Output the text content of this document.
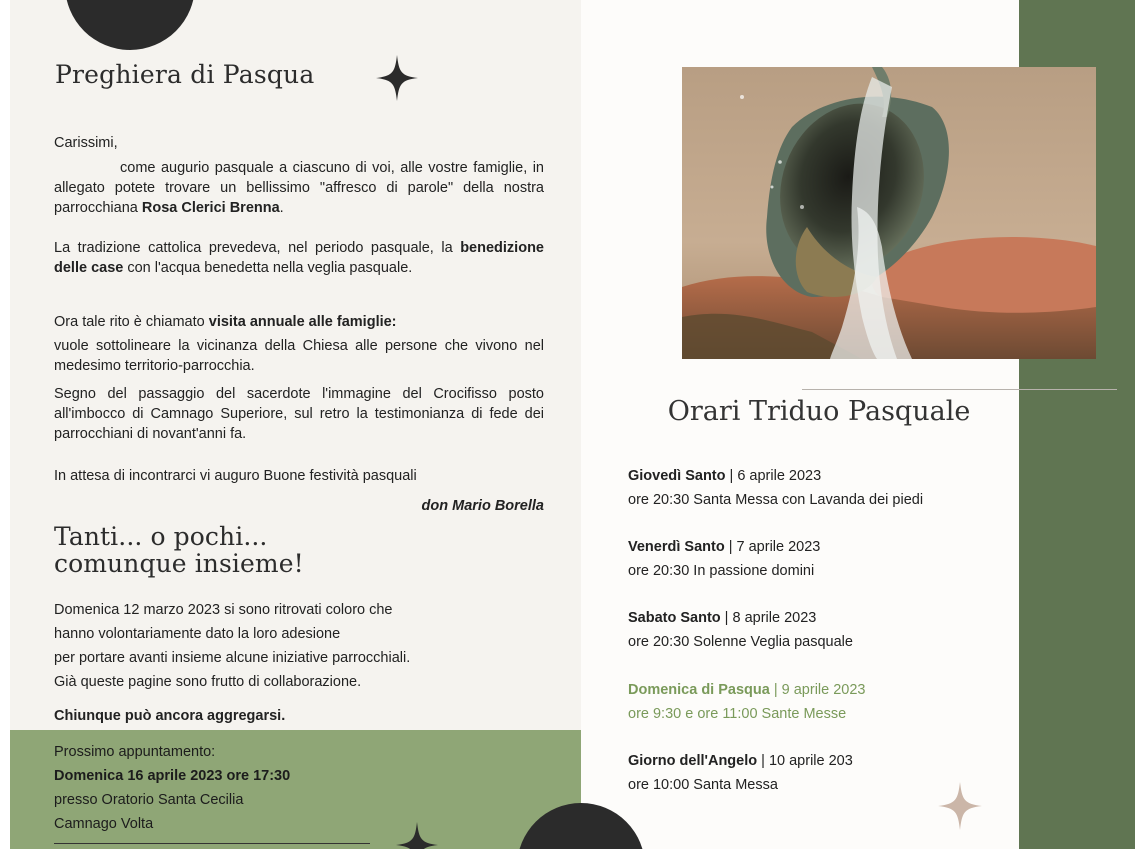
Preghiera di Pasqua
Carissimi,
come augurio pasquale a ciascuno di voi, alle vostre famiglie, in allegato potete trovare un bellissimo "affresco di parole" della nostra parrocchiana Rosa Clerici Brenna.
La tradizione cattolica prevedeva, nel periodo pasquale, la benedizione delle case con l'acqua benedetta nella veglia pasquale.
Ora tale rito è chiamato visita annuale alle famiglie:
vuole sottolineare la vicinanza della Chiesa alle persone che vivono nel medesimo territorio-parrocchia.
Segno del passaggio del sacerdote l'immagine del Crocifisso posto all'imbocco di Camnago Superiore, sul retro la testimonianza di fede dei parrocchiani di novant'anni fa.
In attesa di incontrarci vi auguro Buone festività pasquali
don Mario Borella
Tanti... o pochi...
comunque insieme!
Domenica 12 marzo 2023 si sono ritrovati coloro che
hanno volontariamente dato la loro adesione
per portare avanti insieme alcune iniziative parrocchiali.
Già queste pagine sono frutto di collaborazione.
Chiunque può ancora aggregarsi.
Prossimo appuntamento:
Domenica 16 aprile 2023 ore 17:30
presso Oratorio Santa Cecilia
Camnago Volta
Orari Triduo Pasquale
Giovedì Santo | 6 aprile 2023
ore 20:30 Santa Messa con Lavanda dei piedi
Venerdì Santo | 7 aprile 2023
ore 20:30 In passione domini
Sabato Santo | 8 aprile 2023
ore 20:30 Solenne Veglia pasquale
Domenica di Pasqua | 9 aprile 2023
ore 9:30 e ore 11:00 Sante Messe
Giorno dell'Angelo | 10 aprile 203
ore 10:00 Santa Messa
